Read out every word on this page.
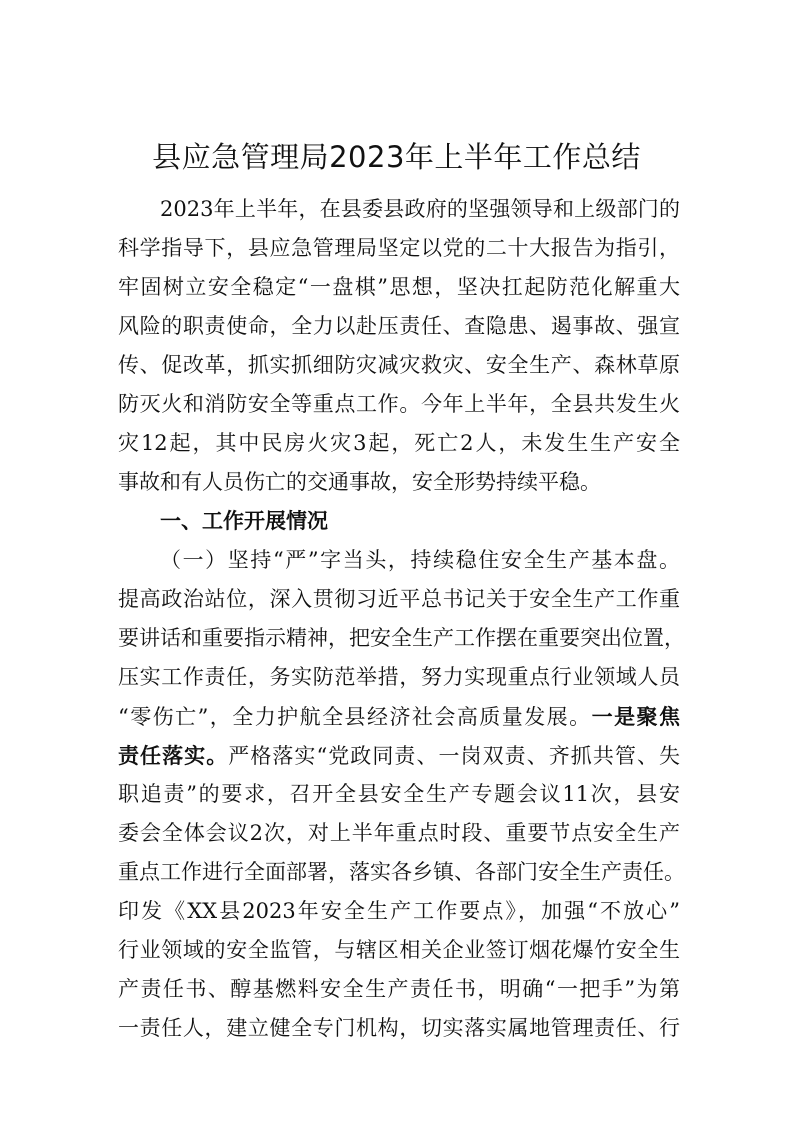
县应急管理局2023年上半年工作总结
2023年上半年，在县委县政府的坚强领导和上级部门的
科学指导下，县应急管理局坚定以党的二十大报告为指引，
牢固树立安全稳定“一盘棋”思想，坚决扛起防范化解重大
风险的职责使命，全力以赴压责任、查隐患、遏事故、强宣
传、促改革，抓实抓细防灾减灾救灾、安全生产、森林草原
防灭火和消防安全等重点工作。今年上半年，全县共发生火
灾12起，其中民房火灾3起，死亡2人，未发生生产安全
事故和有人员伤亡的交通事故，安全形势持续平稳。
一、工作开展情况
（一）坚持“严”字当头，持续稳住安全生产基本盘。
提高政治站位，深入贯彻习近平总书记关于安全生产工作重
要讲话和重要指示精神，把安全生产工作摆在重要突出位置，
压实工作责任，务实防范举措，努力实现重点行业领域人员
“零伤亡”，全力护航全县经济社会高质量发展。一是聚焦
责任落实。严格落实“党政同责、一岗双责、齐抓共管、失
职追责”的要求，召开全县安全生产专题会议11次，县安
委会全体会议2次，对上半年重点时段、重要节点安全生产
重点工作进行全面部署，落实各乡镇、各部门安全生产责任。
印发《XX县2023年安全生产工作要点》，加强“不放心”
行业领域的安全监管，与辖区相关企业签订烟花爆竹安全生
产责任书、醇基燃料安全生产责任书，明确“一把手”为第
一责任人，建立健全专门机构，切实落实属地管理责任、行
